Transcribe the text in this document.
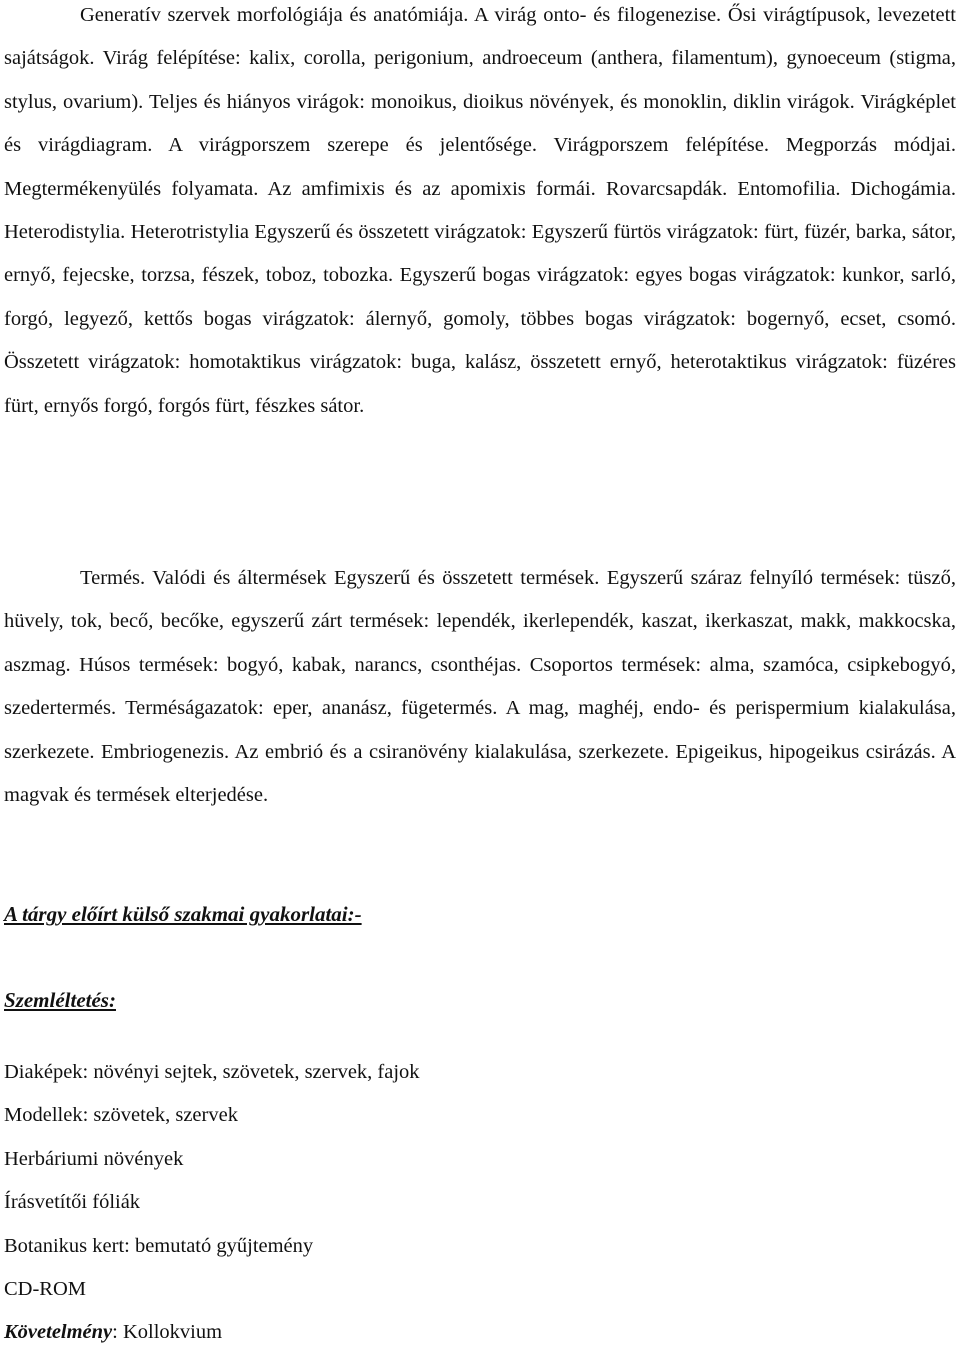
Generatív szervek morfológiája és anatómiája. A virág onto- és filogenezise. Ősi virágtípusok, levezetett sajátságok. Virág felépítése: kalix, corolla, perigonium, androeceum (anthera, filamentum), gynoeceum (stigma, stylus, ovarium). Teljes és hiányos virágok: monoikus, dioikus növények, és monoklin, diklin virágok. Virágképlet és virágdiagram. A virágporszem szerepe és jelentősége. Virágporszem felépítése. Megporzás módjai. Megtermékenyülés folyamata. Az amfimixis és az apomixis formái. Rovarcsapdák. Entomofilia. Dichogámia. Heterodistylia. Heterotristylia Egyszerű és összetett virágzatok: Egyszerű fürtös virágzatok: fürt, füzér, barka, sátor, ernyő, fejecske, torzsa, fészek, toboz, tobozka. Egyszerű bogas virágzatok: egyes bogas virágzatok: kunkor, sarló, forgó, legyező, kettős bogas virágzatok: álernyő, gomoly, többes bogas virágzatok: bogernyő, ecset, csomó. Összetett virágzatok: homotaktikus virágzatok: buga, kalász, összetett ernyő, heterotaktikus virágzatok: füzéres fürt, ernyős forgó, forgós fürt, fészkes sátor.

Termés. Valódi és áltermések Egyszerű és összetett termések. Egyszerű száraz felnyíló termések: tüsző, hüvely, tok, becő, becőke, egyszerű zárt termések: lependék, ikerlependék, kaszat, ikerkaszat, makk, makkocska, aszmag. Húsos termések: bogyó, kabak, narancs, csonthéjas. Csoportos termések: alma, szamóca, csipkebogyó, szedertermés. Terméságazatok: eper, ananász, fügetermés. A mag, maghéj, endo- és perispermium kialakulása, szerkezete. Embriogenezis. Az embrió és a csiranövény kialakulása, szerkezete. Epigeikus, hipogeikus csirázás. A magvak és termések elterjedése.

A tárgy előírt külső szakmai gyakorlatai:-

Szemléltetés:

Diaképek: növényi sejtek, szövetek, szervek, fajok
Modellek: szövetek, szervek
Herbáriumi növények
Írásvetítői fóliák
Botanikus kert: bemutató gyűjtemény
CD-ROM
Követelmény: Kollokvium
